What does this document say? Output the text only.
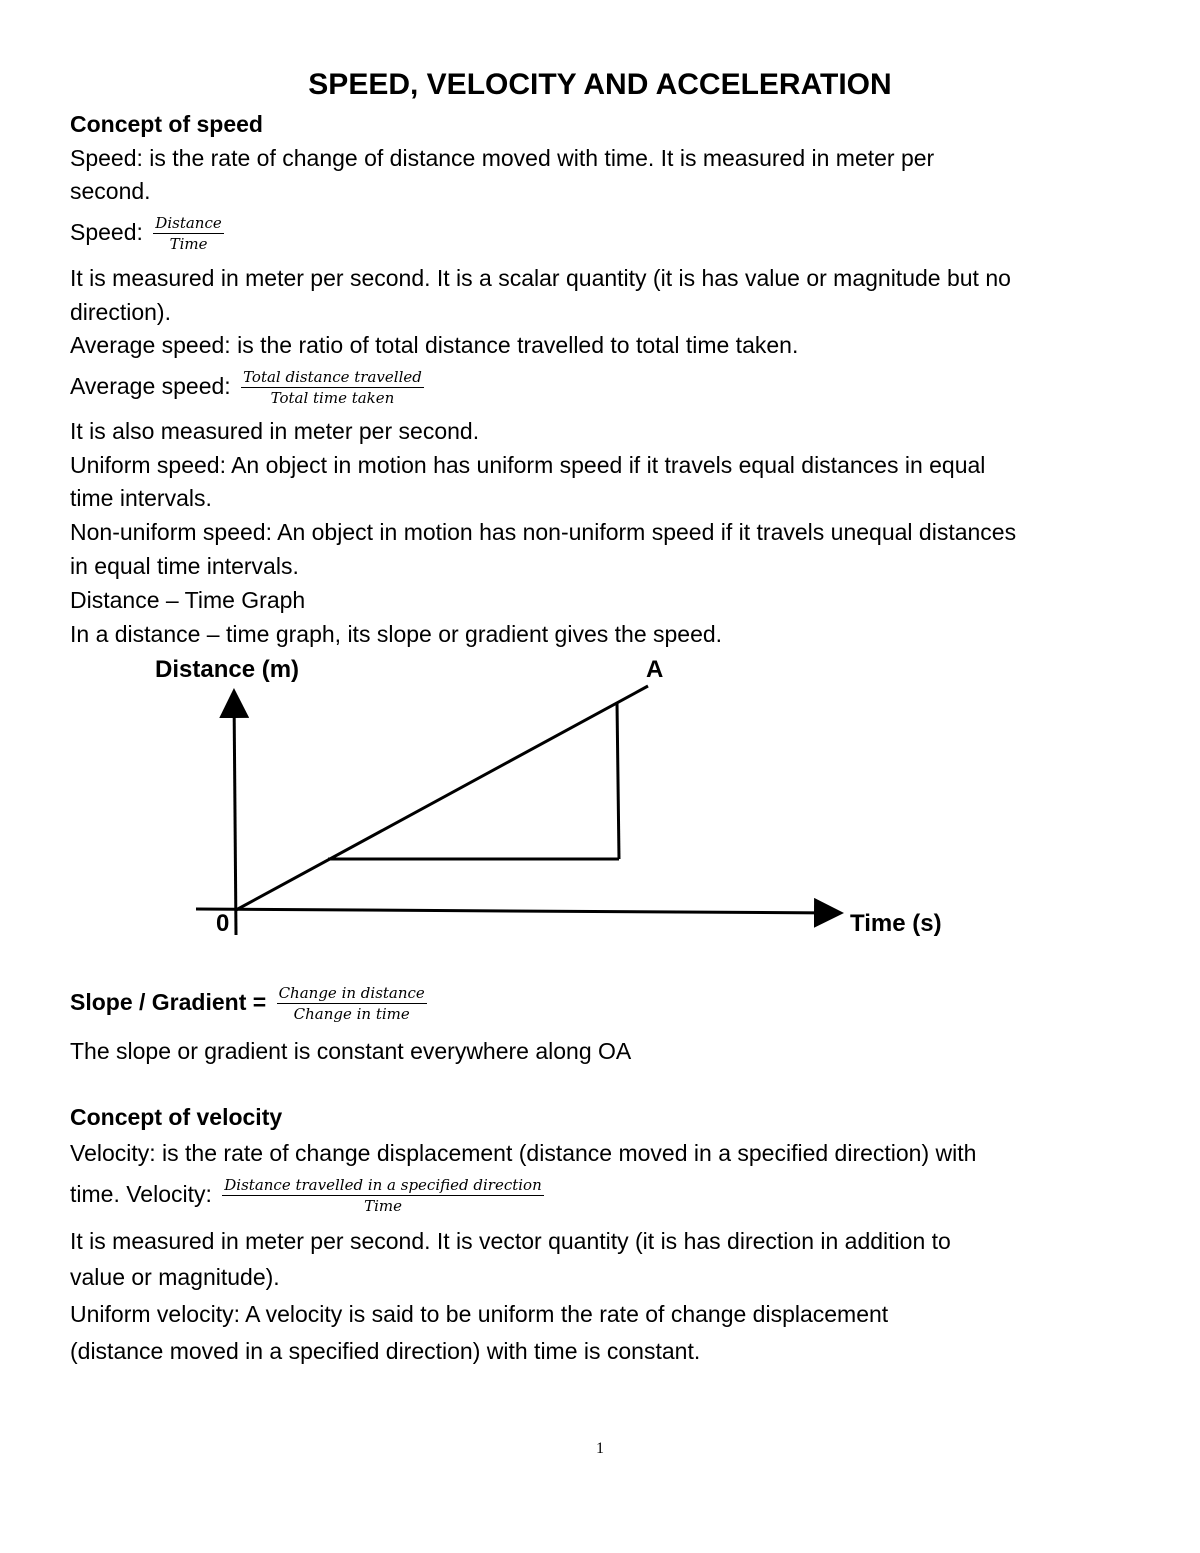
SPEED, VELOCITY AND ACCELERATION
Concept of speed
Speed: is the rate of change of distance moved with time. It is measured in meter per
second.
Speed: $\frac{\text{Distance}}{\text{Time}}$
It is measured in meter per second. It is a scalar quantity (it is has value or magnitude but no
direction).
Average speed: is the ratio of total distance travelled to total time taken.
Average speed: $\frac{\text{Total distance travelled}}{\text{Total time taken}}$
It is also measured in meter per second.
Uniform speed: An object in motion has uniform speed if it travels equal distances in equal
time intervals.
Non-uniform speed: An object in motion has non-uniform speed if it travels unequal distances
in equal time intervals.
Distance – Time Graph
In a distance – time graph, its slope or gradient gives the speed.
Distance (m)	A
0	Time (s)
Slope / Gradient = $\frac{\text{Change in distance}}{\text{Change in time}}$
The slope or gradient is constant everywhere along OA
Concept of velocity
Velocity: is the rate of change displacement (distance moved in a specified direction) with
time. Velocity: $\frac{\text{Distance travelled in a specified direction}}{\text{Time}}$
It is measured in meter per second. It is vector quantity (it is has direction in addition to
value or magnitude).
Uniform velocity: A velocity is said to be uniform the rate of change displacement
(distance moved in a specified direction) with time is constant.
1
